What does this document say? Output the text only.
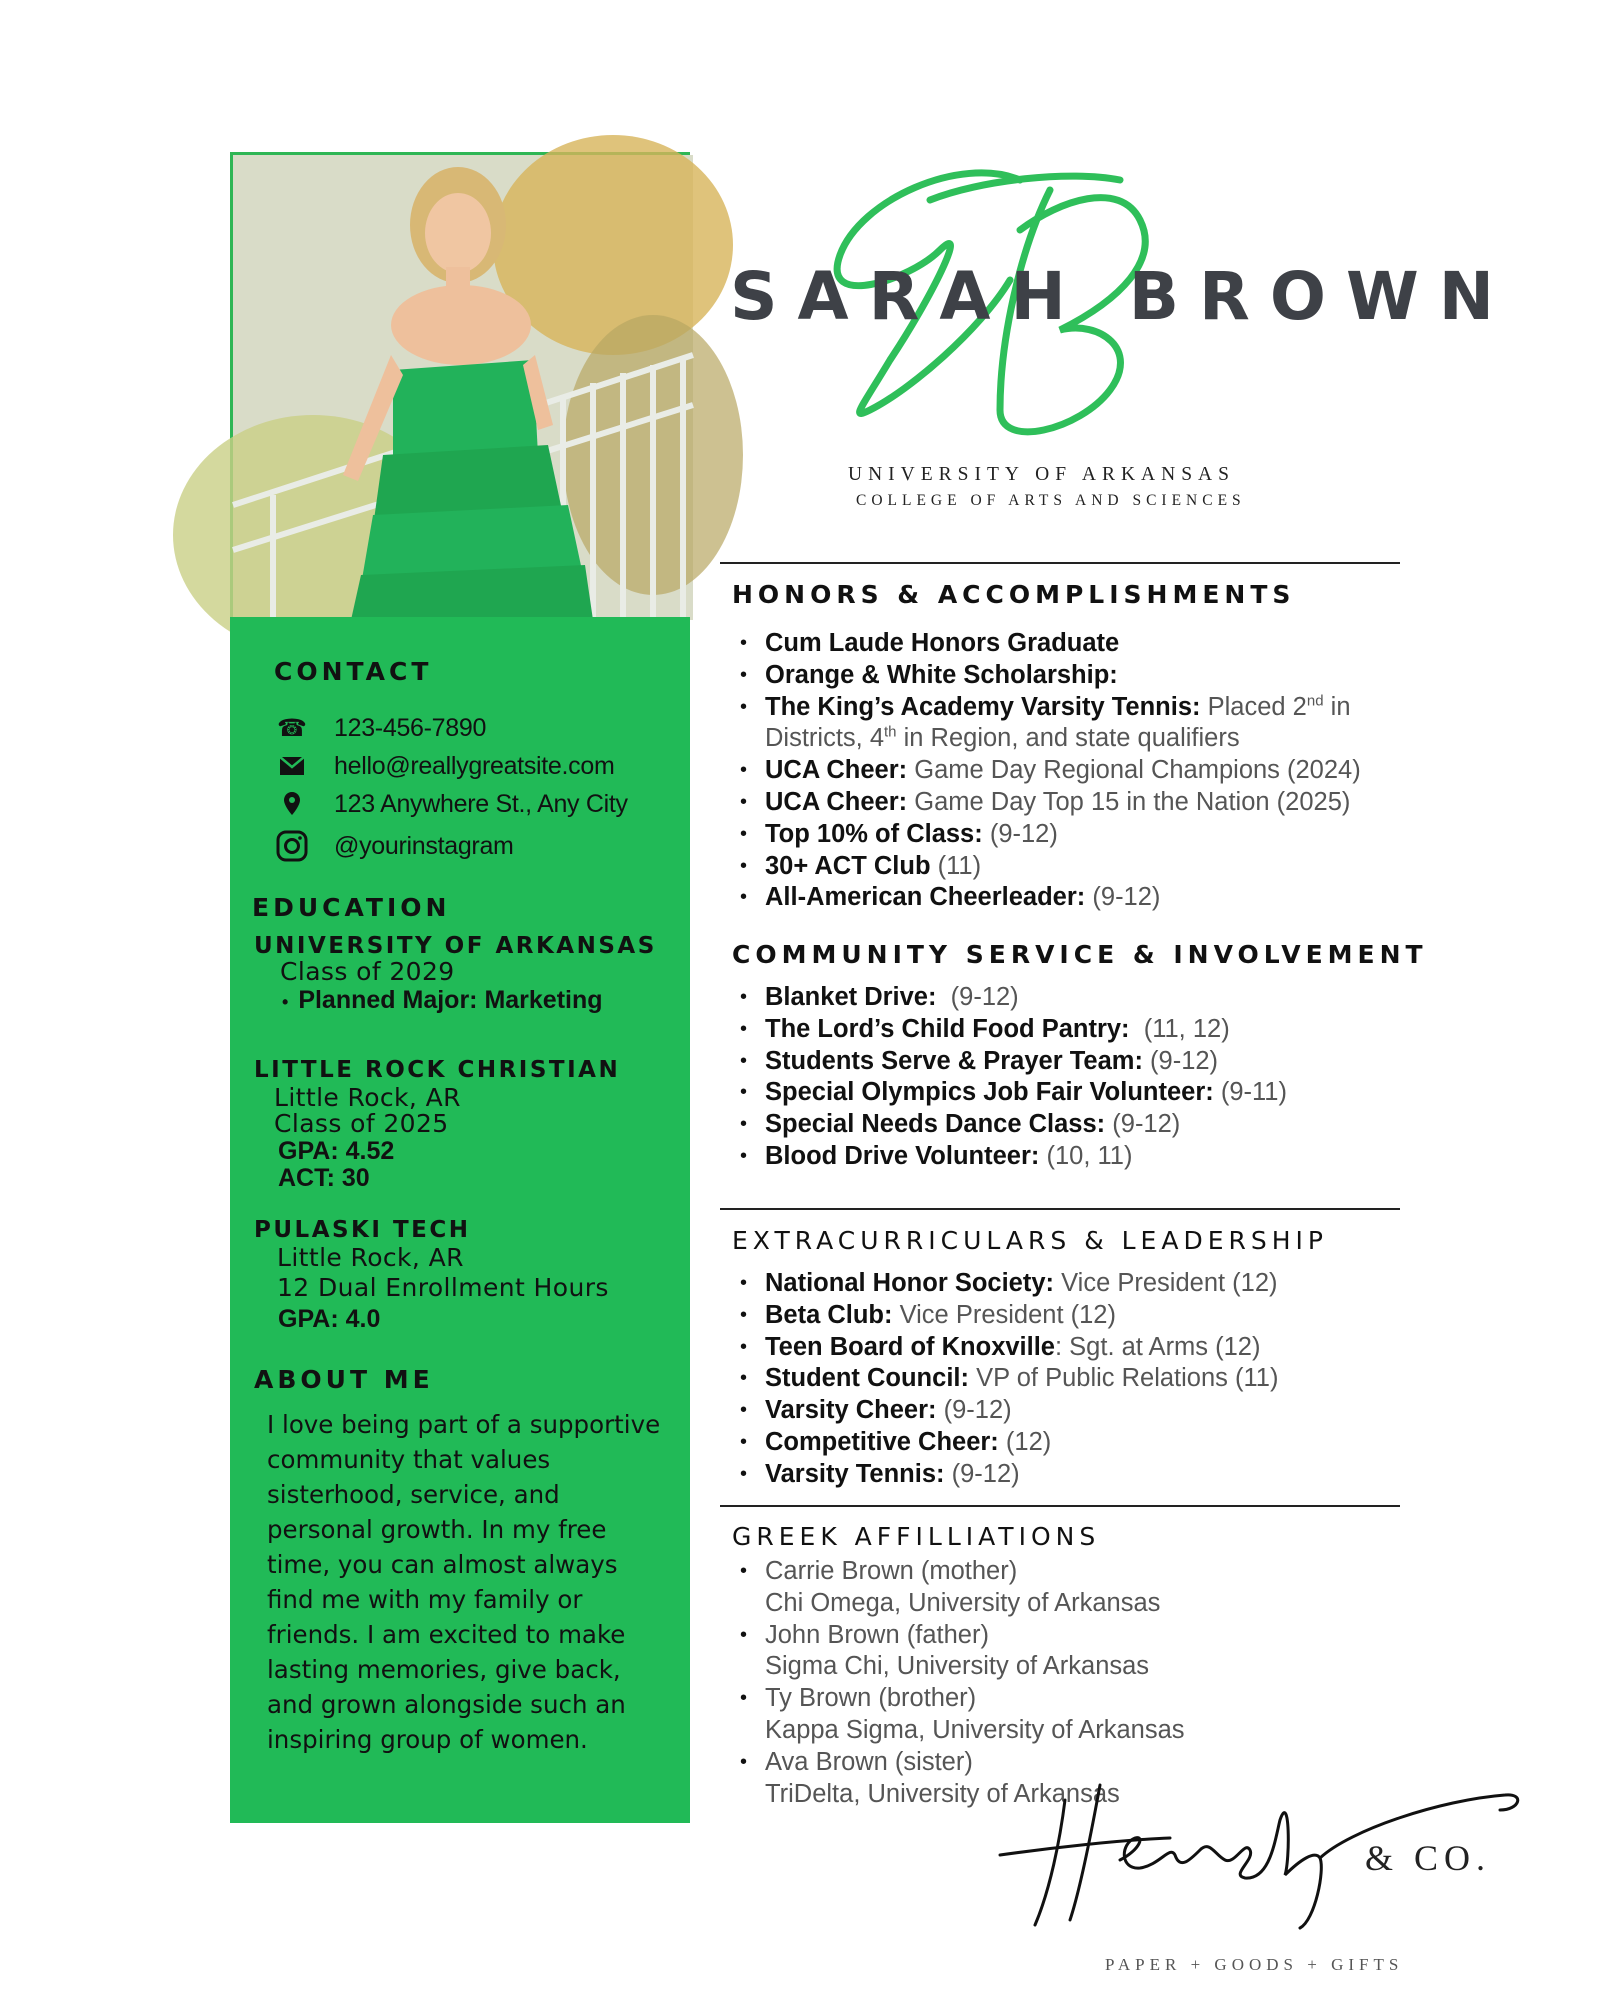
CONTACT
☎ 123-456-7890
hello@reallygreatsite.com
123 Anywhere St., Any City
@yourinstagram
EDUCATION
UNIVERSITY OF ARKANSAS
Class of 2029
• Planned Major: Marketing
LITTLE ROCK CHRISTIAN
Little Rock, AR
Class of 2025
GPA: 4.52
ACT: 30
PULASKI TECH
Little Rock, AR
12 Dual Enrollment Hours
GPA: 4.0
ABOUT ME

I love being part of a supportive community that values sisterhood, service, and personal growth. In my free time, you can almost always find me with my family or friends. I am excited to make lasting memories, give back, and grown alongside such an inspiring group of women.

SB
SARAH BROWN
UNIVERSITY OF ARKANSAS
COLLEGE OF ARTS AND SCIENCES
HONORS & ACCOMPLISHMENTS
• Cum Laude Honors Graduate
• Orange & White Scholarship:
• The King’s Academy Varsity Tennis: Placed 2nd in
Districts, 4th in Region, and state qualifiers
• UCA Cheer: Game Day Regional Champions (2024)
• UCA Cheer: Game Day Top 15 in the Nation (2025)
• Top 10% of Class: (9-12)
• 30+ ACT Club (11)
• All-American Cheerleader: (9-12)
COMMUNITY SERVICE & INVOLVEMENT
• Blanket Drive: (9-12)
• The Lord’s Child Food Pantry: (11, 12)
• Students Serve & Prayer Team: (9-12)
• Special Olympics Job Fair Volunteer: (9-11)
• Special Needs Dance Class: (9-12)
• Blood Drive Volunteer: (10, 11)
EXTRACURRICULARS & LEADERSHIP
• National Honor Society: Vice President (12)
• Beta Club: Vice President (12)
• Teen Board of Knoxville: Sgt. at Arms (12)
• Student Council: VP of Public Relations (11)
• Varsity Cheer: (9-12)
• Competitive Cheer: (12)
• Varsity Tennis: (9-12)
GREEK AFFILLIATIONS
• Carrie Brown (mother)
Chi Omega, University of Arkansas
• John Brown (father)
Sigma Chi, University of Arkansas
• Ty Brown (brother)
Kappa Sigma, University of Arkansas
• Ava Brown (sister)
TriDelta, University of Arkansas
& CO.
PAPER + GOODS + GIFTS
